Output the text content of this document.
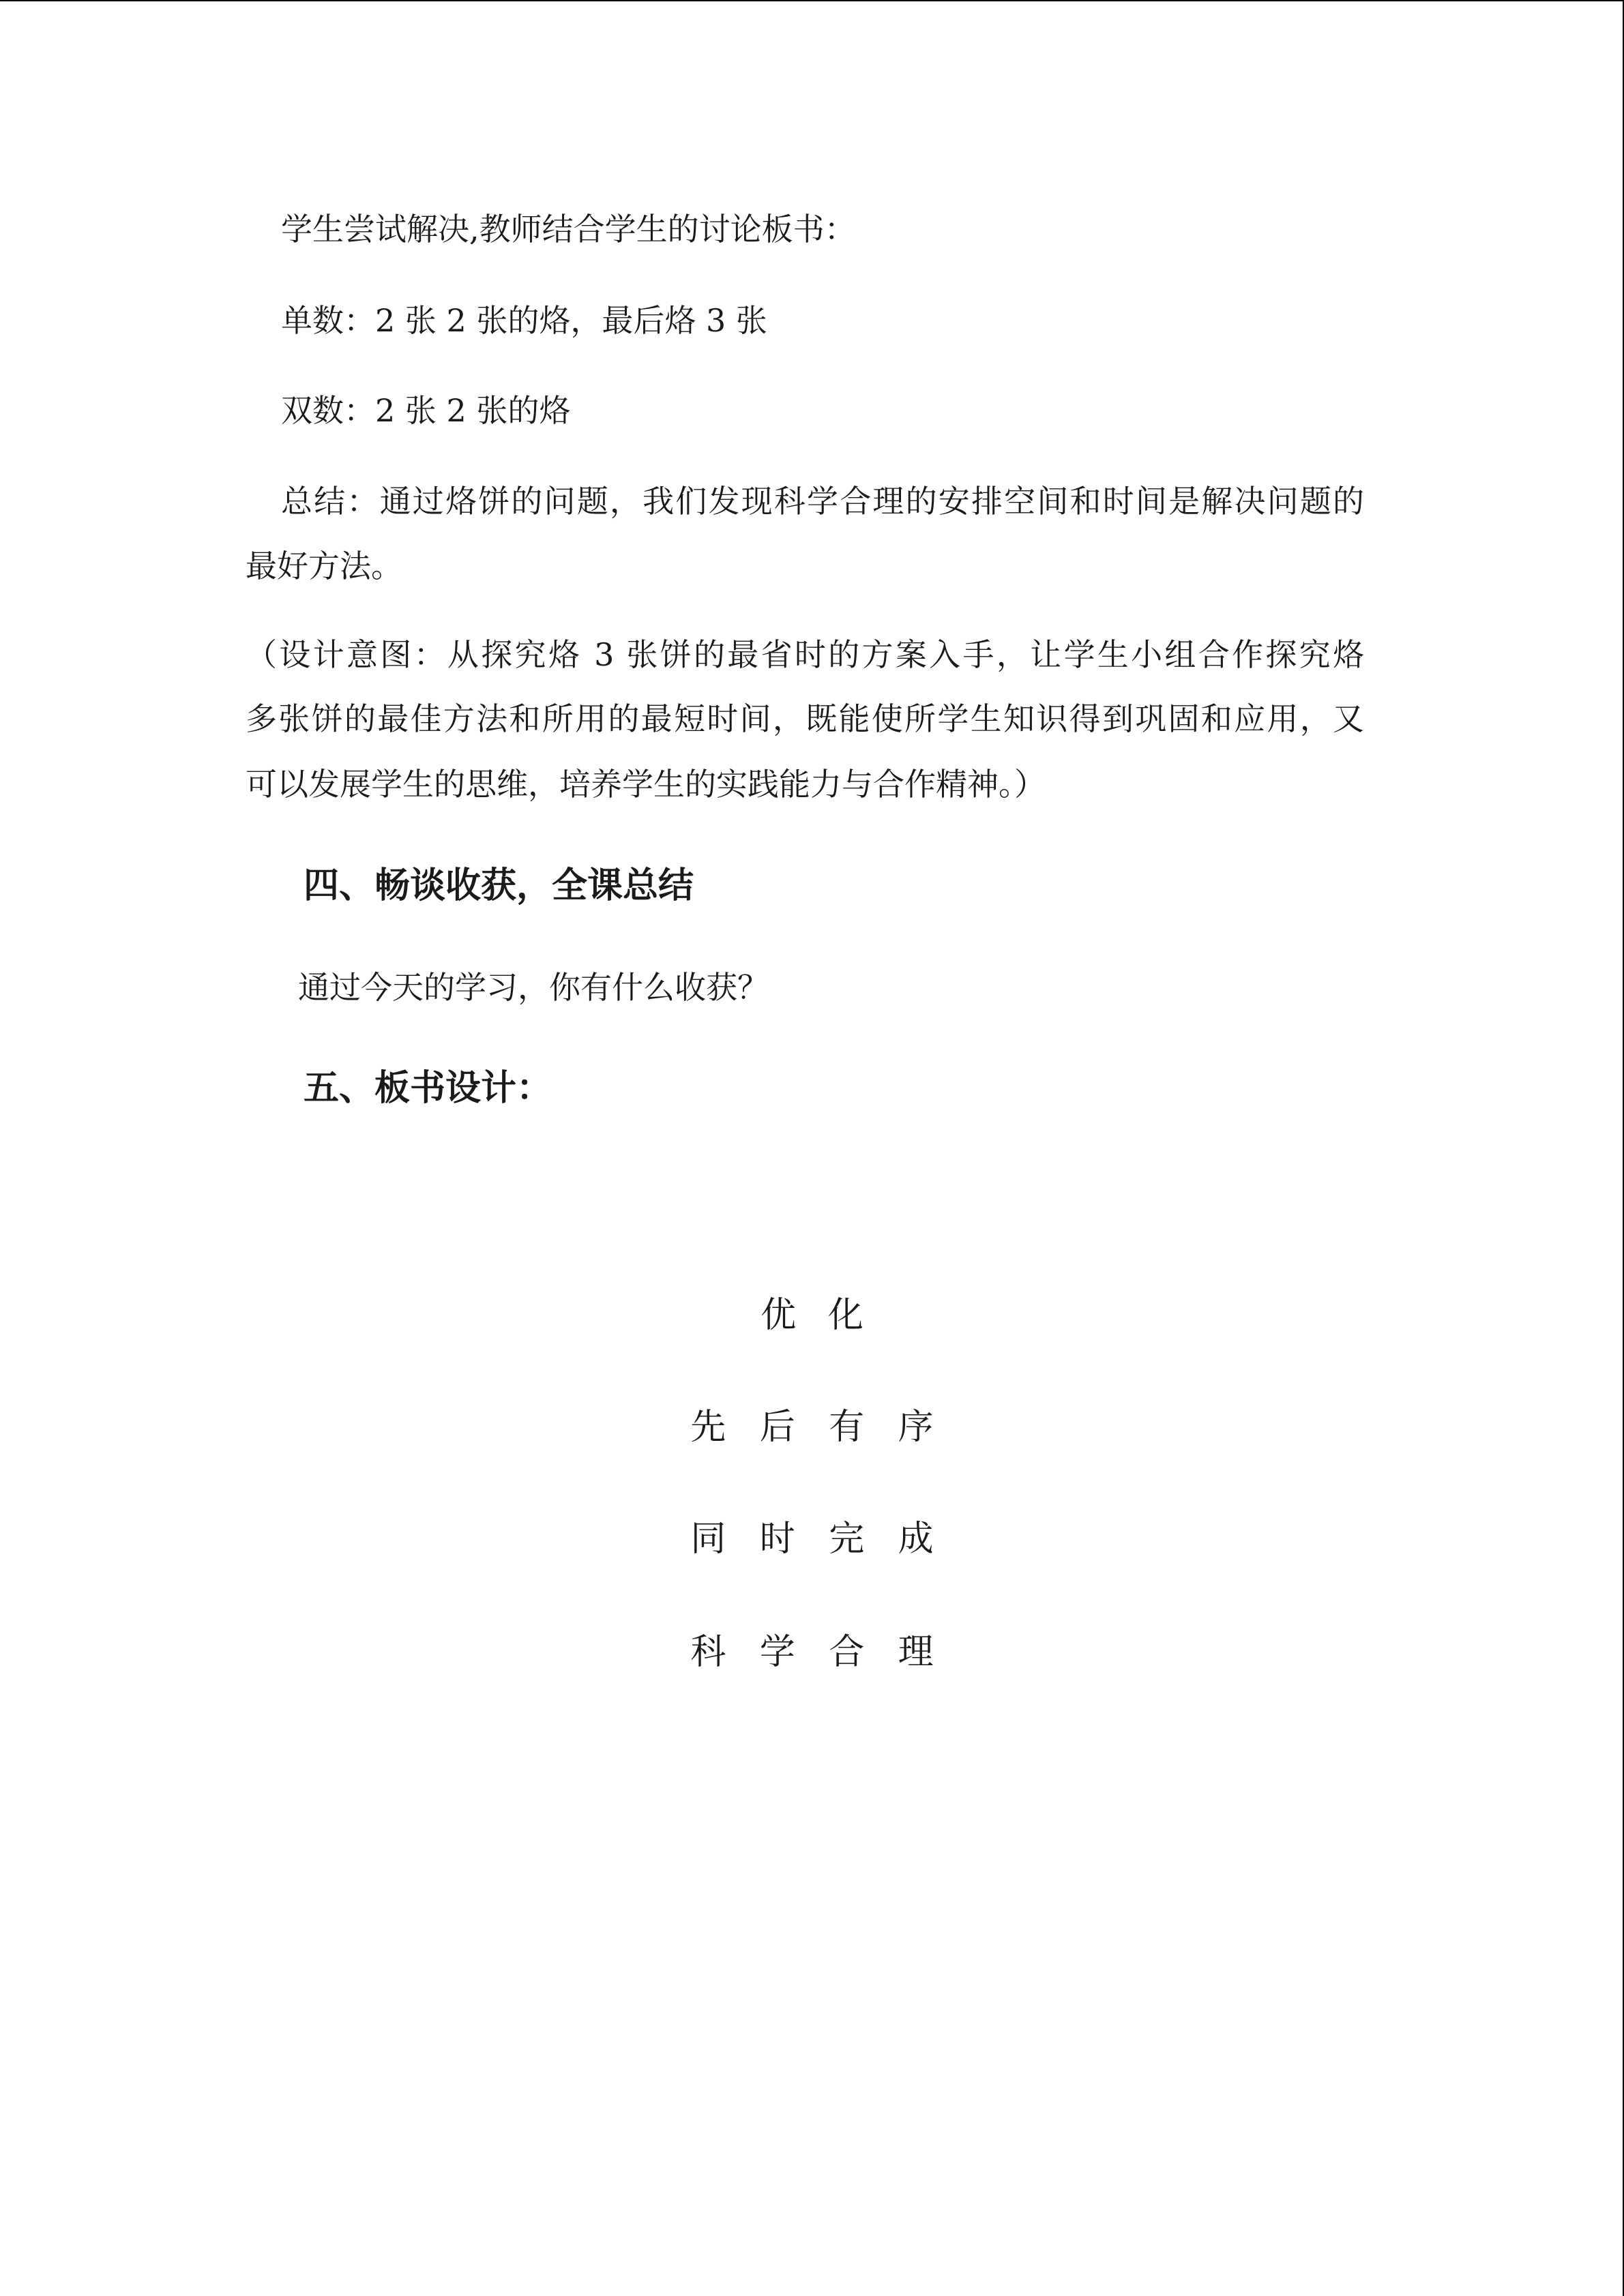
学生尝试解决,教师结合学生的讨论板书：
单数：2 张 2 张的烙，最后烙 3 张
双数：2 张 2 张的烙
总结：通过烙饼的问题，我们发现科学合理的安排空间和时间是解决问题的
最好方法。
（设计意图：从探究烙 3 张饼的最省时的方案入手，让学生小组合作探究烙
多张饼的最佳方法和所用的最短时间，既能使所学生知识得到巩固和应用，又
可以发展学生的思维，培养学生的实践能力与合作精神。）
四、畅谈收获，全课总结
通过今天的学习，你有什么收获？
五、板书设计：
优化
先后有序
同时完成
科学合理
